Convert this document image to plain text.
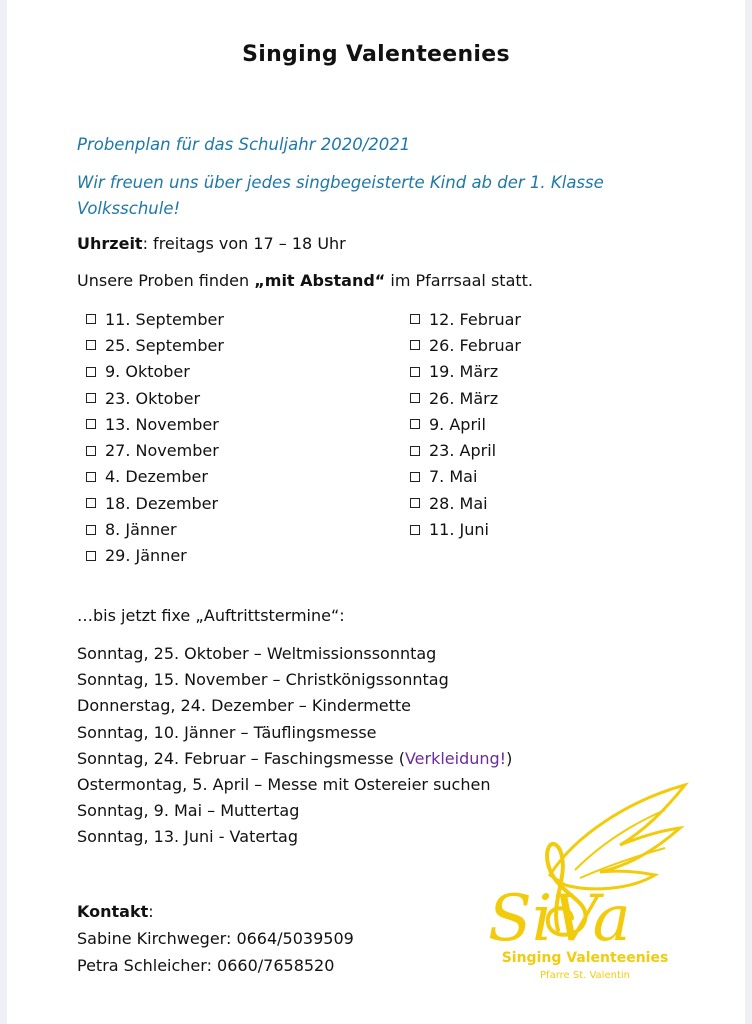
Singing Valenteenies
Probenplan für das Schuljahr 2020/2021
Wir freuen uns über jedes singbegeisterte Kind ab der 1. Klasse
Volksschule!
Uhrzeit: freitags von 17 – 18 Uhr
Unsere Proben finden „mit Abstand“ im Pfarrsaal statt.
11. September
25. September
9. Oktober
23. Oktober
13. November
27. November
4. Dezember
18. Dezember
8. Jänner
29. Jänner
12. Februar
26. Februar
19. März
26. März
9. April
23. April
7. Mai
28. Mai
11. Juni
…bis jetzt fixe „Auftrittstermine“:
Sonntag, 25. Oktober – Weltmissionssonntag
Sonntag, 15. November – Christkönigssonntag
Donnerstag, 24. Dezember – Kindermette
Sonntag, 10. Jänner – Täuflingsmesse
Sonntag, 24. Februar – Faschingsmesse (Verkleidung!)
Ostermontag, 5. April – Messe mit Ostereier suchen
Sonntag, 9. Mai – Muttertag
Sonntag, 13. Juni - Vatertag
Kontakt:
Sabine Kirchweger: 0664/5039509
Petra Schleicher: 0660/7658520
SiVa
Singing Valenteenies
Pfarre St. Valentin
